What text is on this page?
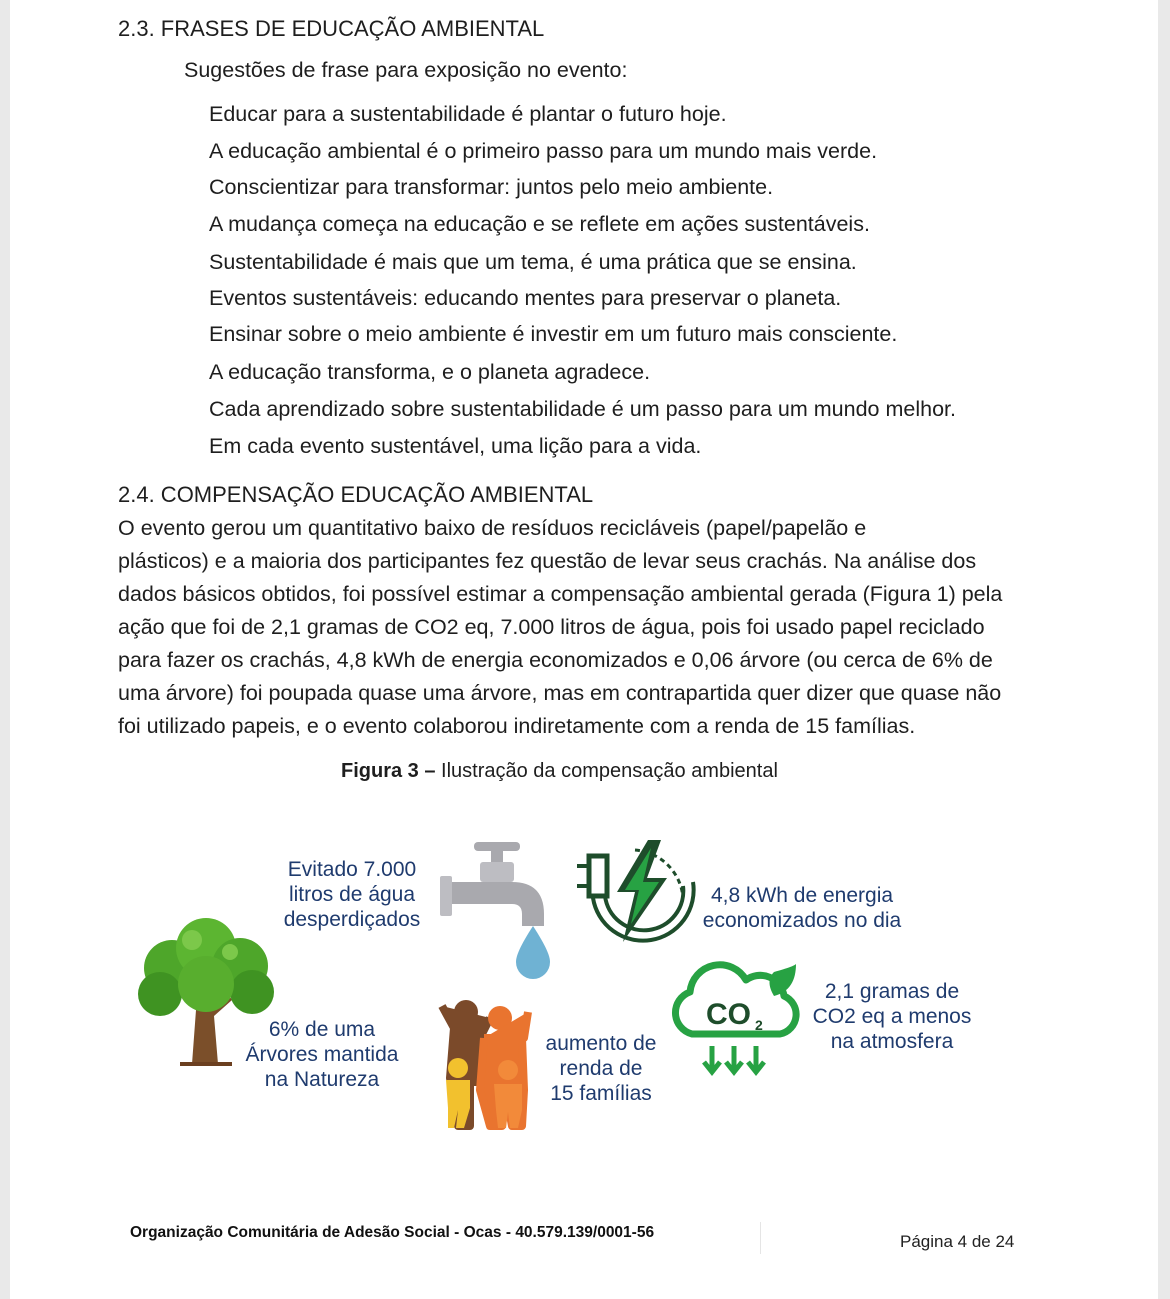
2.3. FRASES DE EDUCAÇÃO AMBIENTAL
Sugestões de frase para exposição no evento:
Educar para a sustentabilidade é plantar o futuro hoje.
A educação ambiental é o primeiro passo para um mundo mais verde.
Conscientizar para transformar: juntos pelo meio ambiente.
A mudança começa na educação e se reflete em ações sustentáveis.
Sustentabilidade é mais que um tema, é uma prática que se ensina.
Eventos sustentáveis: educando mentes para preservar o planeta.
Ensinar sobre o meio ambiente é investir em um futuro mais consciente.
A educação transforma, e o planeta agradece.
Cada aprendizado sobre sustentabilidade é um passo para um mundo melhor.
Em cada evento sustentável, uma lição para a vida.
2.4. COMPENSAÇÃO EDUCAÇÃO AMBIENTAL
O evento gerou um quantitativo baixo de resíduos recicláveis (papel/papelão e
plásticos) e a maioria dos participantes fez questão de levar seus crachás. Na análise dos
dados básicos obtidos, foi possível estimar a compensação ambiental gerada (Figura 1) pela
ação que foi de 2,1 gramas de CO2 eq, 7.000 litros de água, pois foi usado papel reciclado
para fazer os crachás, 4,8 kWh de energia economizados e 0,06 árvore (ou cerca de 6% de
uma árvore) foi poupada quase uma árvore, mas em contrapartida quer dizer que quase não
foi utilizado papeis, e o evento colaborou indiretamente com a renda de 15 famílias.
Figura 3 – Ilustração da compensação ambiental
Evitado 7.000
litros de água
desperdiçados
4,8 kWh de energia
economizados no dia
6% de uma
Árvores mantida
na Natureza
aumento de
renda de
15 famílias
2,1 gramas de
CO2 eq a menos
na atmosfera
CO 2
Organização Comunitária de Adesão Social - Ocas - 40.579.139/0001-56	Página 4 de 24
